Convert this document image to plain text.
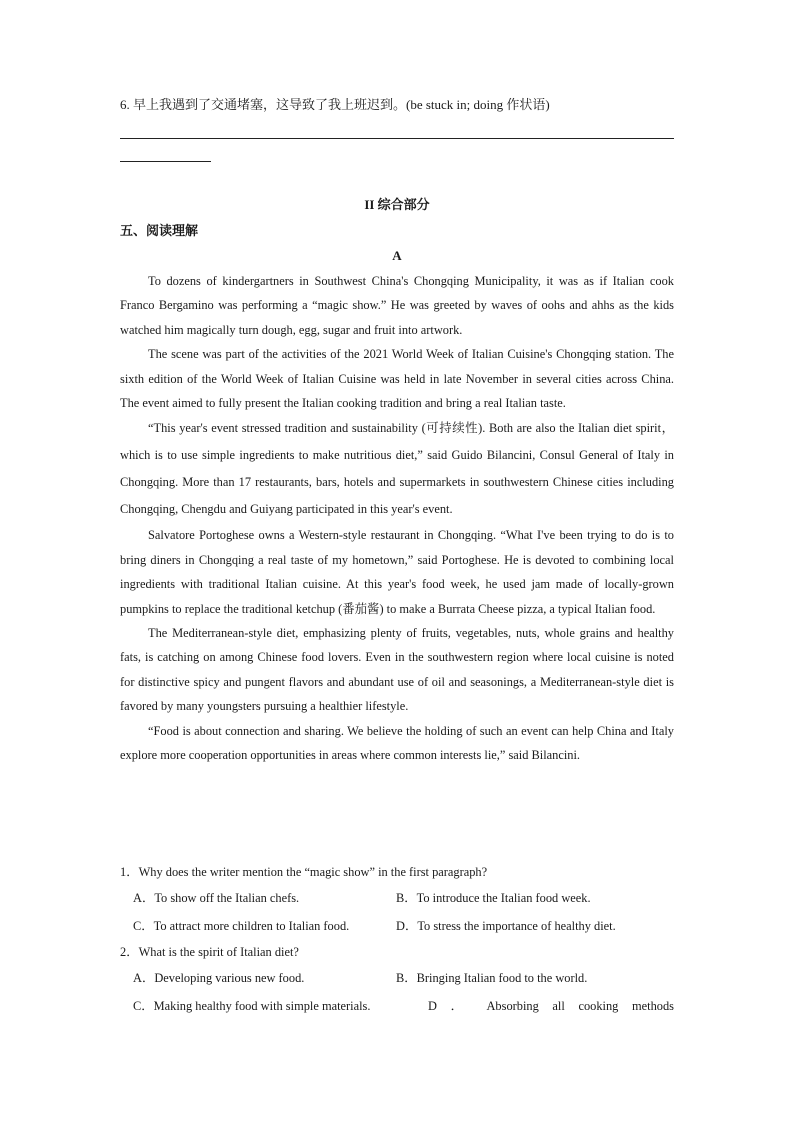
6. 早上我遇到了交通堵塞，这导致了我上班迟到。(be stuck in; doing 作状语)
II 综合部分
五、阅读理解
A

To dozens of kindergartners in Southwest China's Chongqing Municipality, it was as if Italian cook Franco Bergamino was performing a “magic show.” He was greeted by waves of oohs and ahhs as the kids watched him magically turn dough, egg, sugar and fruit into artwork.

The scene was part of the activities of the 2021 World Week of Italian Cuisine's Chongqing station. The sixth edition of the World Week of Italian Cuisine was held in late November in several cities across China. The event aimed to fully present the Italian cooking tradition and bring a real Italian taste.

“This year's event stressed tradition and sustainability (可持续性). Both are also the Italian diet spirit，which is to use simple ingredients to make nutritious diet,” said Guido Bilancini, Consul General of Italy in Chongqing. More than 17 restaurants, bars, hotels and supermarkets in southwestern Chinese cities including Chongqing, Chengdu and Guiyang participated in this year's event.

Salvatore Portoghese owns a Western-style restaurant in Chongqing. “What I've been trying to do is to bring diners in Chongqing a real taste of my hometown,” said Portoghese. He is devoted to combining local ingredients with traditional Italian cuisine. At this year's food week, he used jam made of locally-grown pumpkins to replace the traditional ketchup (番茄酱) to make a Burrata Cheese pizza, a typical Italian food.

The Mediterranean-style diet, emphasizing plenty of fruits, vegetables, nuts, whole grains and healthy fats, is catching on among Chinese food lovers. Even in the southwestern region where local cuisine is noted for distinctive spicy and pungent flavors and abundant use of oil and seasonings, a Mediterranean-style diet is favored by many youngsters pursuing a healthier lifestyle.

“Food is about connection and sharing. We believe the holding of such an event can help China and Italy explore more cooperation opportunities in areas where common interests lie,” said Bilancini.

1．Why does the writer mention the “magic show” in the first paragraph?
A．To show off the Italian chefs.	B．To introduce the Italian food week.
C．To attract more children to Italian food.	D．To stress the importance of healthy diet.
2．What is the spirit of Italian diet?
A．Developing various new food.	B．Bringing Italian food to the world.
C．Making healthy food with simple materials.	D ． Absorbing all cooking methods
